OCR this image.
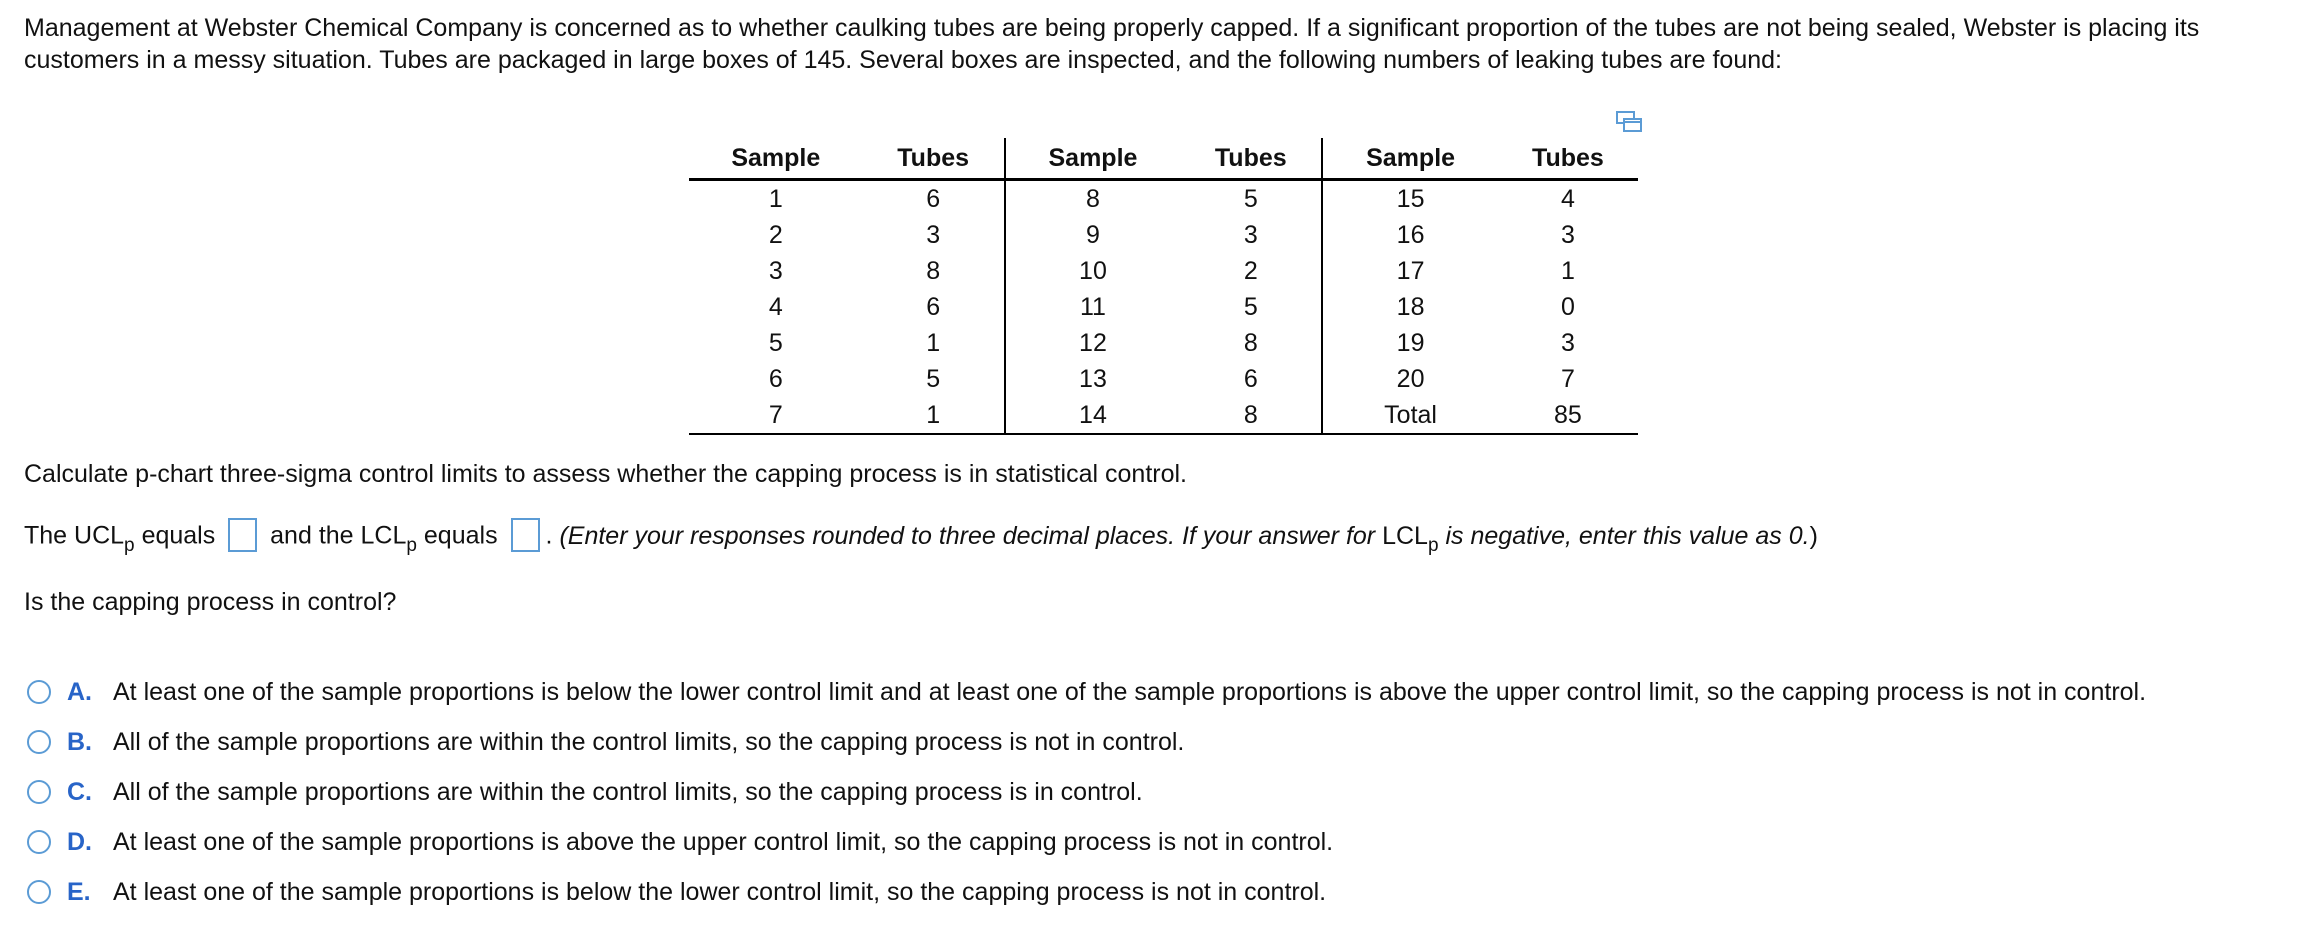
Management at Webster Chemical Company is concerned as to whether caulking tubes are being properly capped. If a significant proportion of the tubes are not being sealed, Webster is placing its customers in a messy situation. Tubes are packaged in large boxes of 145. Several boxes are inspected, and the following numbers of leaking tubes are found:

Sample	Tubes	Sample	Tubes	Sample	Tubes
1	6	8	5	15	4
2	3	9	3	16	3
3	8	10	2	17	1
4	6	11	5	18	0
5	1	12	8	19	3
6	5	13	6	20	7
7	1	14	8	Total	85

Calculate p-chart three-sigma control limits to assess whether the capping process is in statistical control.

The $UCL_p$ equals and the $LCL_p$ equals . (Enter your responses rounded to three decimal places. If your answer for $LCL_p$ is negative, enter this value as 0.)

Is the capping process in control?

A. At least one of the sample proportions is below the lower control limit and at least one of the sample proportions is above the upper control limit, so the capping process is not in control.
B. All of the sample proportions are within the control limits, so the capping process is not in control.
C. All of the sample proportions are within the control limits, so the capping process is in control.
D. At least one of the sample proportions is above the upper control limit, so the capping process is not in control.
E. At least one of the sample proportions is below the lower control limit, so the capping process is not in control.
